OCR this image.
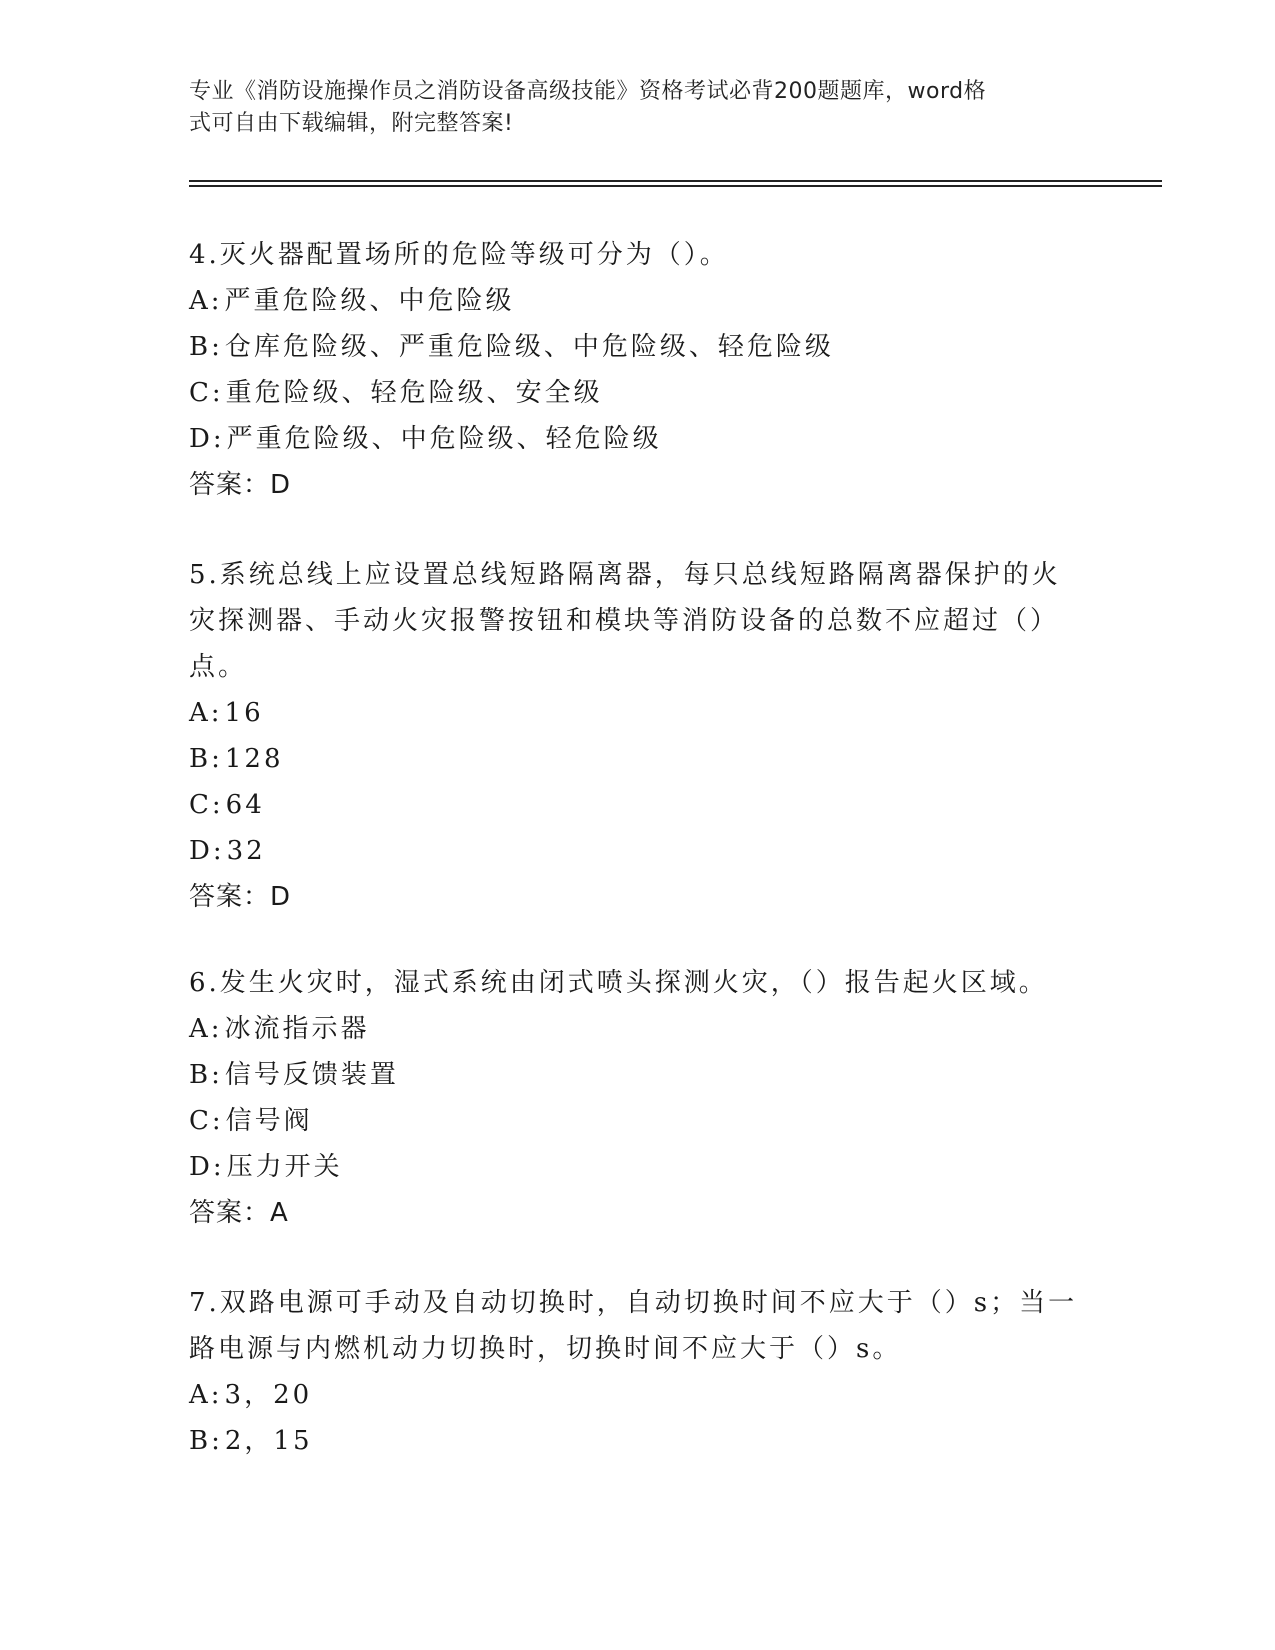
专业《消防设施操作员之消防设备高级技能》资格考试必背200题题库，word格
式可自由下载编辑，附完整答案!

4.灭火器配置场所的危险等级可分为（）。

A:严重危险级、中危险级

B:仓库危险级、严重危险级、中危险级、轻危险级

C:重危险级、轻危险级、安全级

D:严重危险级、中危险级、轻危险级

答案：D

5.系统总线上应设置总线短路隔离器，每只总线短路隔离器保护的火

灾探测器、手动火灾报警按钮和模块等消防设备的总数不应超过（）

点。

A:16

B:128

C:64

D:32

答案：D

6.发生火灾时，湿式系统由闭式喷头探测火灾，（）报告起火区域。

A:冰流指示器

B:信号反馈装置

C:信号阀

D:压力开关

答案：A

7.双路电源可手动及自动切换时，自动切换时间不应大于（）s；当一

路电源与内燃机动力切换时，切换时间不应大于（）s。

A:3，20

B:2，15
